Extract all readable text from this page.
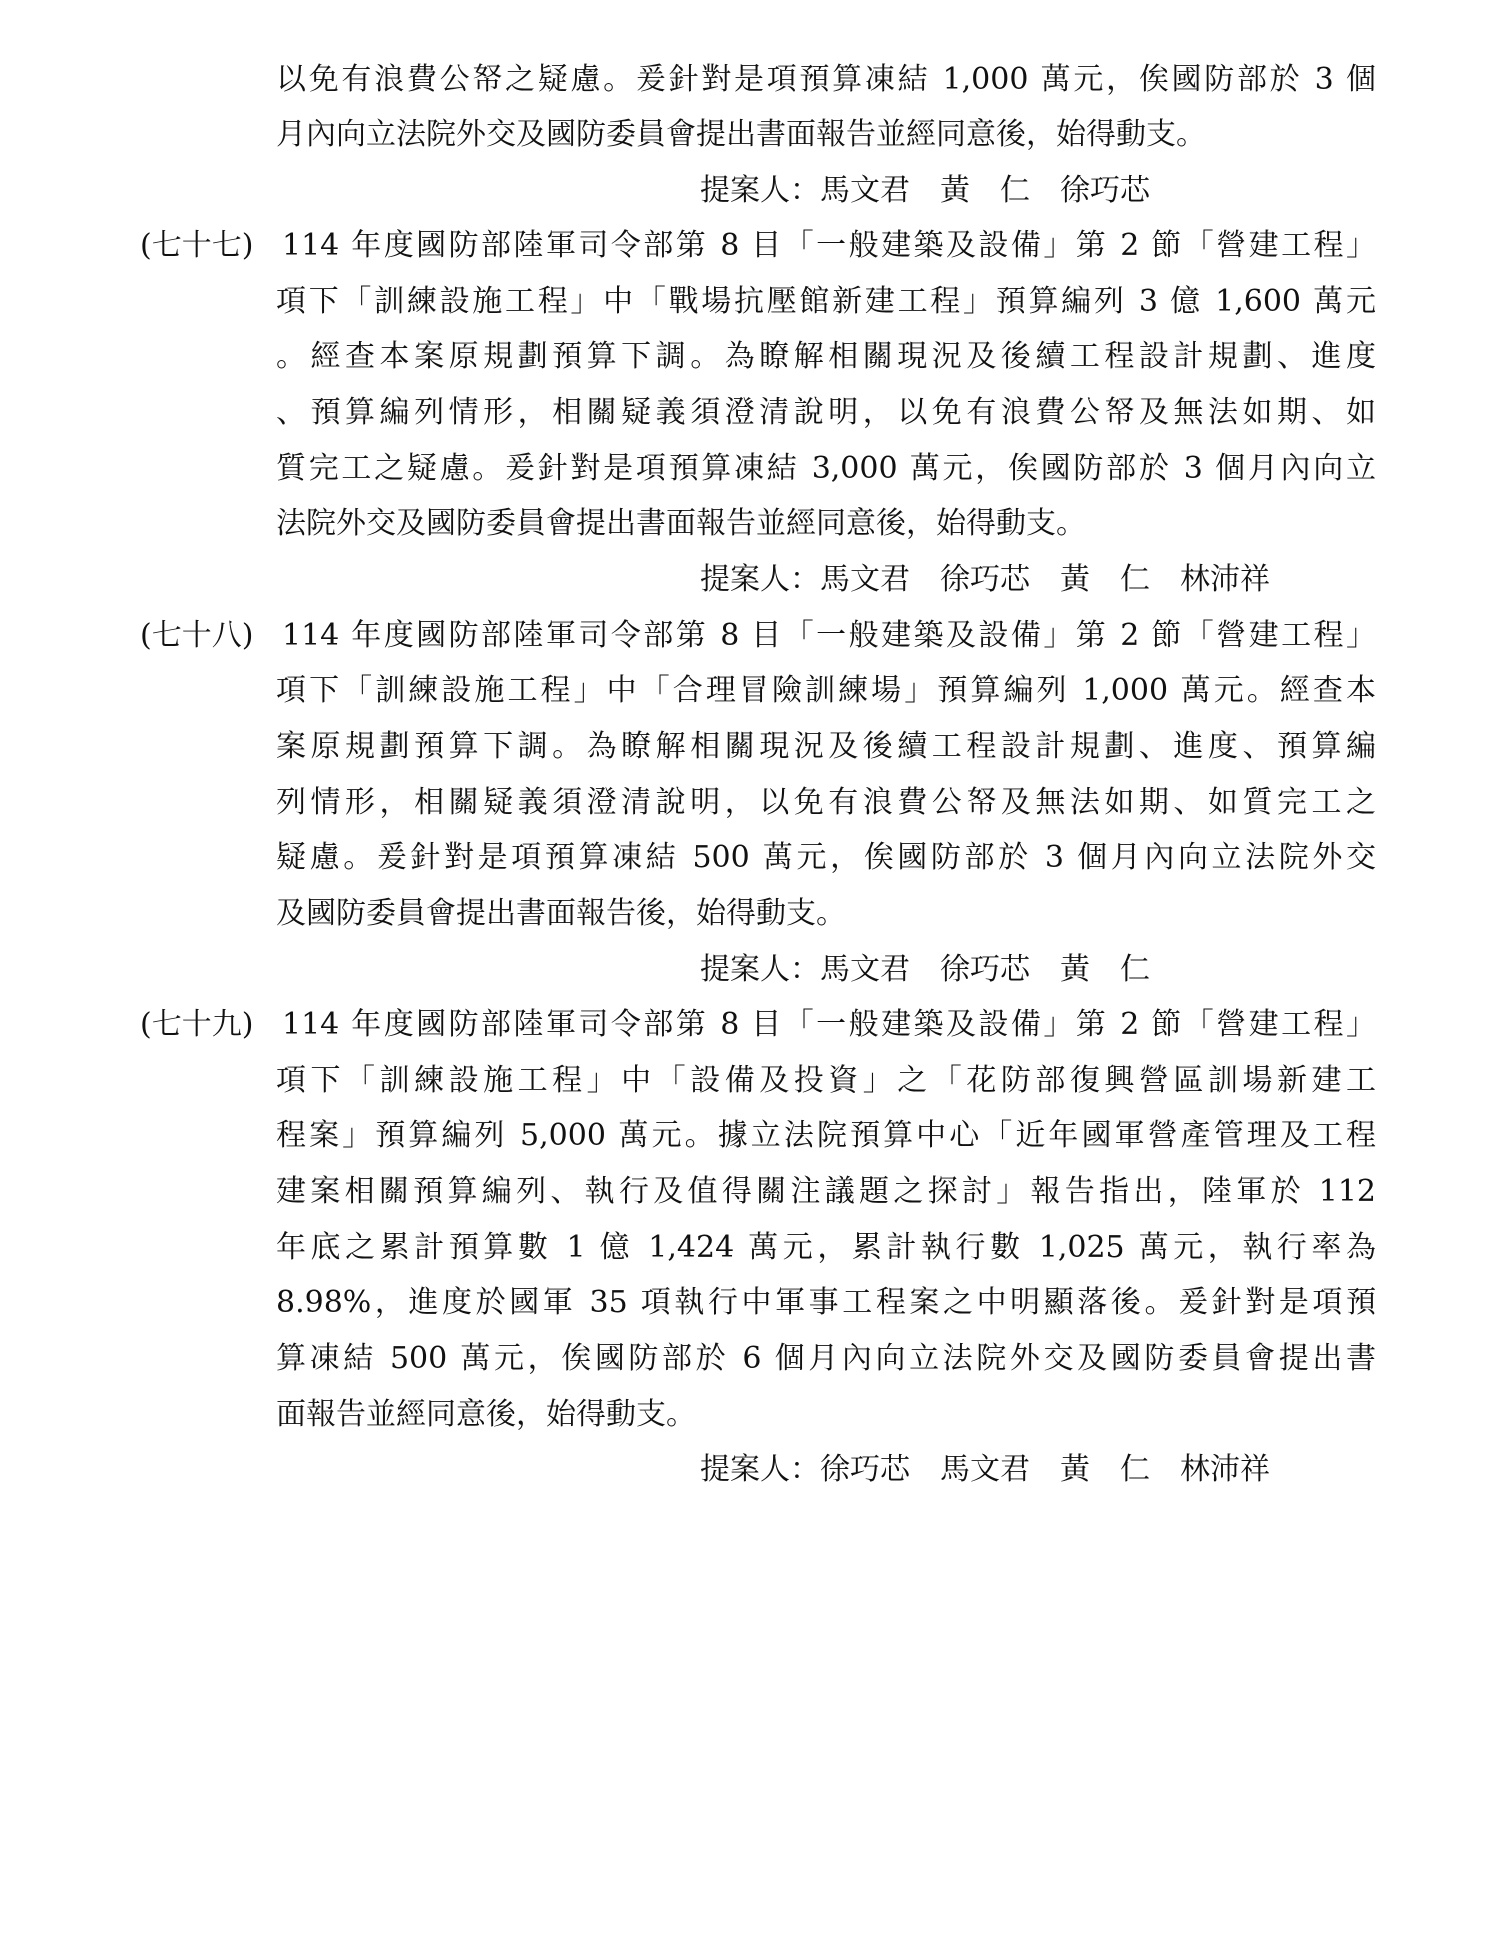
以免有浪費公帑之疑慮。爰針對是項預算凍結 1,000 萬元，俟國防部於 3 個
月內向立法院外交及國防委員會提出書面報告並經同意後，始得動支。
提案人：馬文君　黃　仁　徐巧芯
(七十七) 114 年度國防部陸軍司令部第 8 目「一般建築及設備」第 2 節「營建工程」
項下「訓練設施工程」中「戰場抗壓館新建工程」預算編列 3 億 1,600 萬元
。經查本案原規劃預算下調。為瞭解相關現況及後續工程設計規劃、進度
、預算編列情形，相關疑義須澄清說明，以免有浪費公帑及無法如期、如
質完工之疑慮。爰針對是項預算凍結 3,000 萬元，俟國防部於 3 個月內向立
法院外交及國防委員會提出書面報告並經同意後，始得動支。
提案人：馬文君　徐巧芯　黃　仁　林沛祥
(七十八) 114 年度國防部陸軍司令部第 8 目「一般建築及設備」第 2 節「營建工程」
項下「訓練設施工程」中「合理冒險訓練場」預算編列 1,000 萬元。經查本
案原規劃預算下調。為瞭解相關現況及後續工程設計規劃、進度、預算編
列情形，相關疑義須澄清說明，以免有浪費公帑及無法如期、如質完工之
疑慮。爰針對是項預算凍結 500 萬元，俟國防部於 3 個月內向立法院外交
及國防委員會提出書面報告後，始得動支。
提案人：馬文君　徐巧芯　黃　仁
(七十九) 114 年度國防部陸軍司令部第 8 目「一般建築及設備」第 2 節「營建工程」
項下「訓練設施工程」中「設備及投資」之「花防部復興營區訓場新建工
程案」預算編列 5,000 萬元。據立法院預算中心「近年國軍營產管理及工程
建案相關預算編列、執行及值得關注議題之探討」報告指出，陸軍於 112
年底之累計預算數 1 億 1,424 萬元，累計執行數 1,025 萬元，執行率為
8.98%，進度於國軍 35 項執行中軍事工程案之中明顯落後。爰針對是項預
算凍結 500 萬元，俟國防部於 6 個月內向立法院外交及國防委員會提出書
面報告並經同意後，始得動支。
提案人：徐巧芯　馬文君　黃　仁　林沛祥
